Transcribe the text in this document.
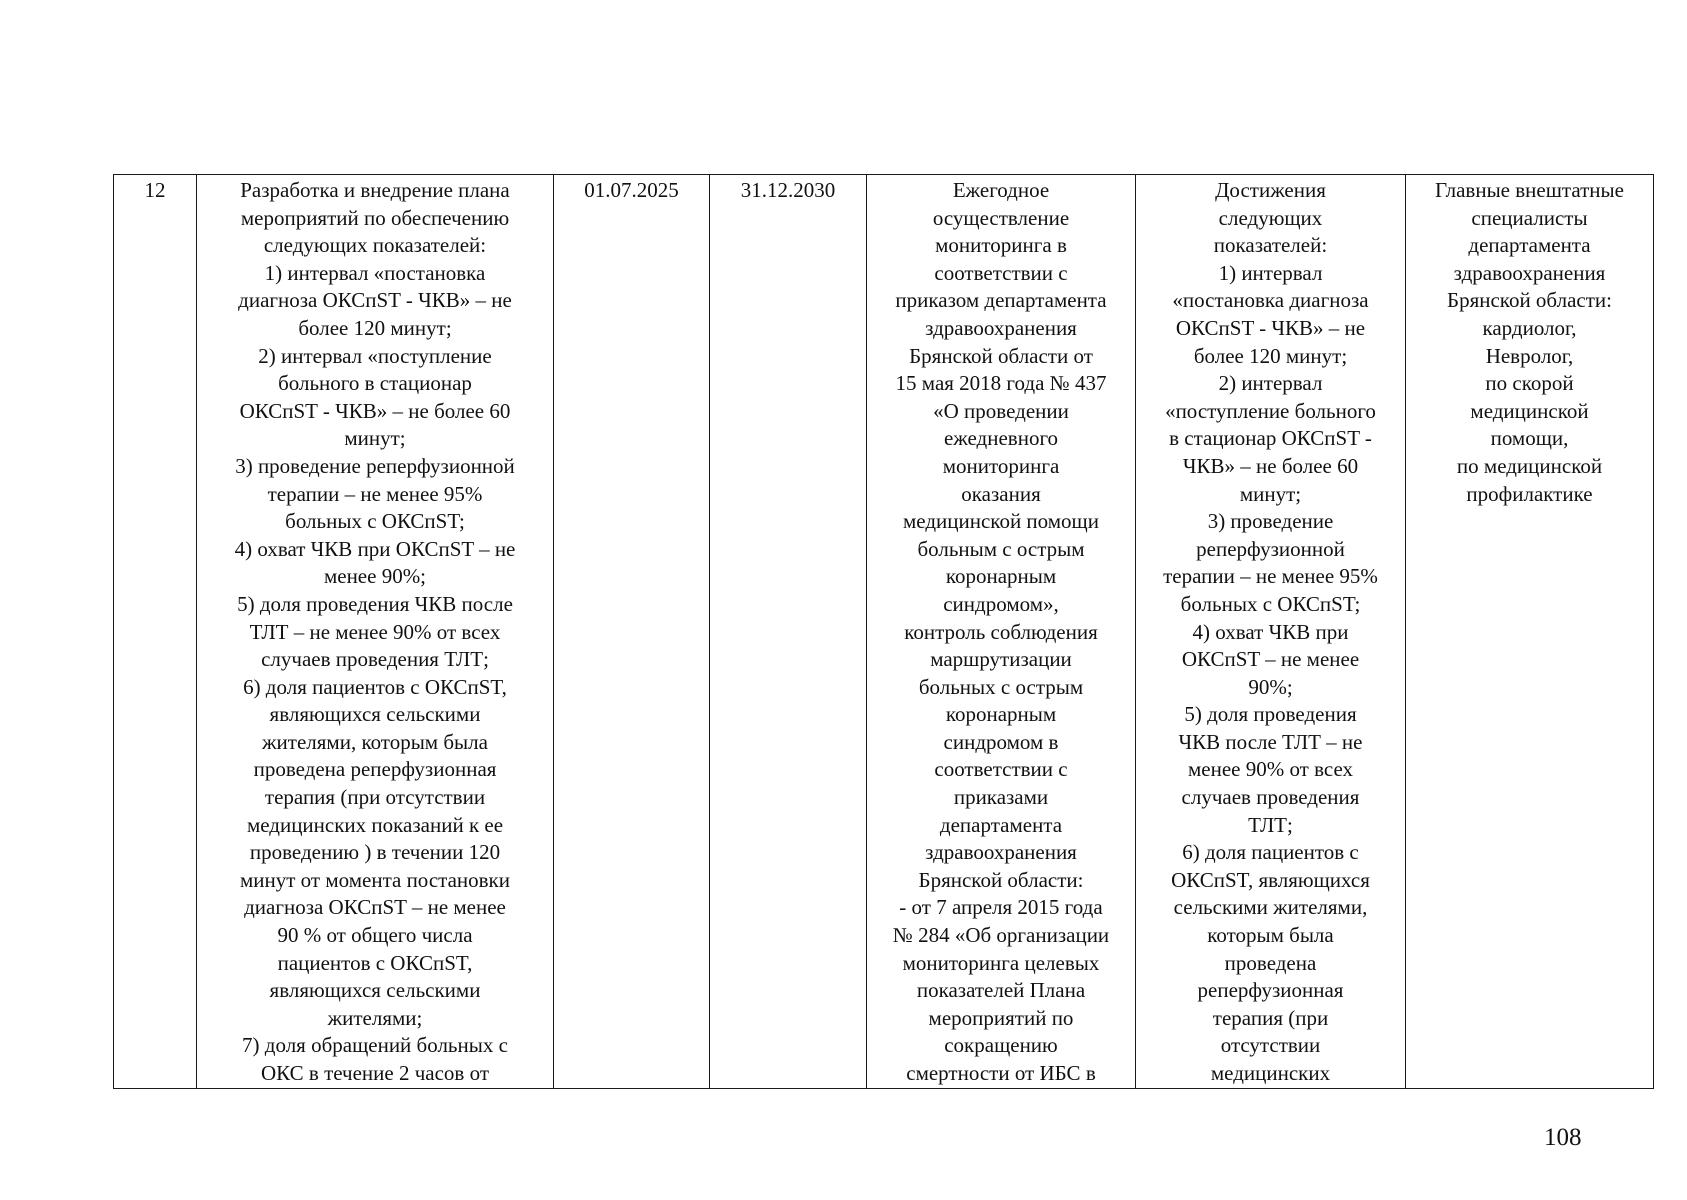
12	Разработка и внедрение плана
мероприятий по обеспечению
следующих показателей:
1) интервал «постановка
диагноза ОКСпST - ЧКВ» – не
более 120 минут;
2) интервал «поступление
больного в стационар
ОКСпST - ЧКВ» – не более 60
минут;
3) проведение реперфузионной
терапии – не менее 95%
больных с ОКСпST;
4) охват ЧКВ при ОКСпST – не
менее 90%;
5) доля проведения ЧКВ после
ТЛТ – не менее 90% от всех
случаев проведения ТЛТ;
6) доля пациентов с ОКСпST,
являющихся сельскими
жителями, которым была
проведена реперфузионная
терапия (при отсутствии
медицинских показаний к ее
проведению ) в течении 120
минут от момента постановки
диагноза ОКСпST – не менее
90 % от общего числа
пациентов с ОКСпST,
являющихся сельскими
жителями;
7) доля обращений больных с
ОКС в течение 2 часов от	01.07.2025	31.12.2030	Ежегодное
осуществление
мониторинга в
соответствии с
приказом департамента
здравоохранения
Брянской области от
15 мая 2018 года № 437
«О проведении
ежедневного
мониторинга
оказания
медицинской помощи
больным с острым
коронарным
синдромом»,
контроль соблюдения
маршрутизации
больных с острым
коронарным
синдромом в
соответствии с
приказами
департамента
здравоохранения
Брянской области:
- от 7 апреля 2015 года
№ 284 «Об организации
мониторинга целевых
показателей Плана
мероприятий по
сокращению
смертности от ИБС в	Достижения
следующих
показателей:
1) интервал
«постановка диагноза
ОКСпST - ЧКВ» – не
более 120 минут;
2) интервал
«поступление больного
в стационар ОКСпST -
ЧКВ» – не более 60
минут;
3) проведение
реперфузионной
терапии – не менее 95%
больных с ОКСпST;
4) охват ЧКВ при
ОКСпST – не менее
90%;
5) доля проведения
ЧКВ после ТЛТ – не
менее 90% от всех
случаев проведения
ТЛТ;
6) доля пациентов с
ОКСпST, являющихся
сельскими жителями,
которым была
проведена
реперфузионная
терапия (при
отсутствии
медицинских	Главные внештатные
специалисты
департамента
здравоохранения
Брянской области:
кардиолог,
Невролог,
по скорой
медицинской
помощи,
по медицинской
профилактике
108
